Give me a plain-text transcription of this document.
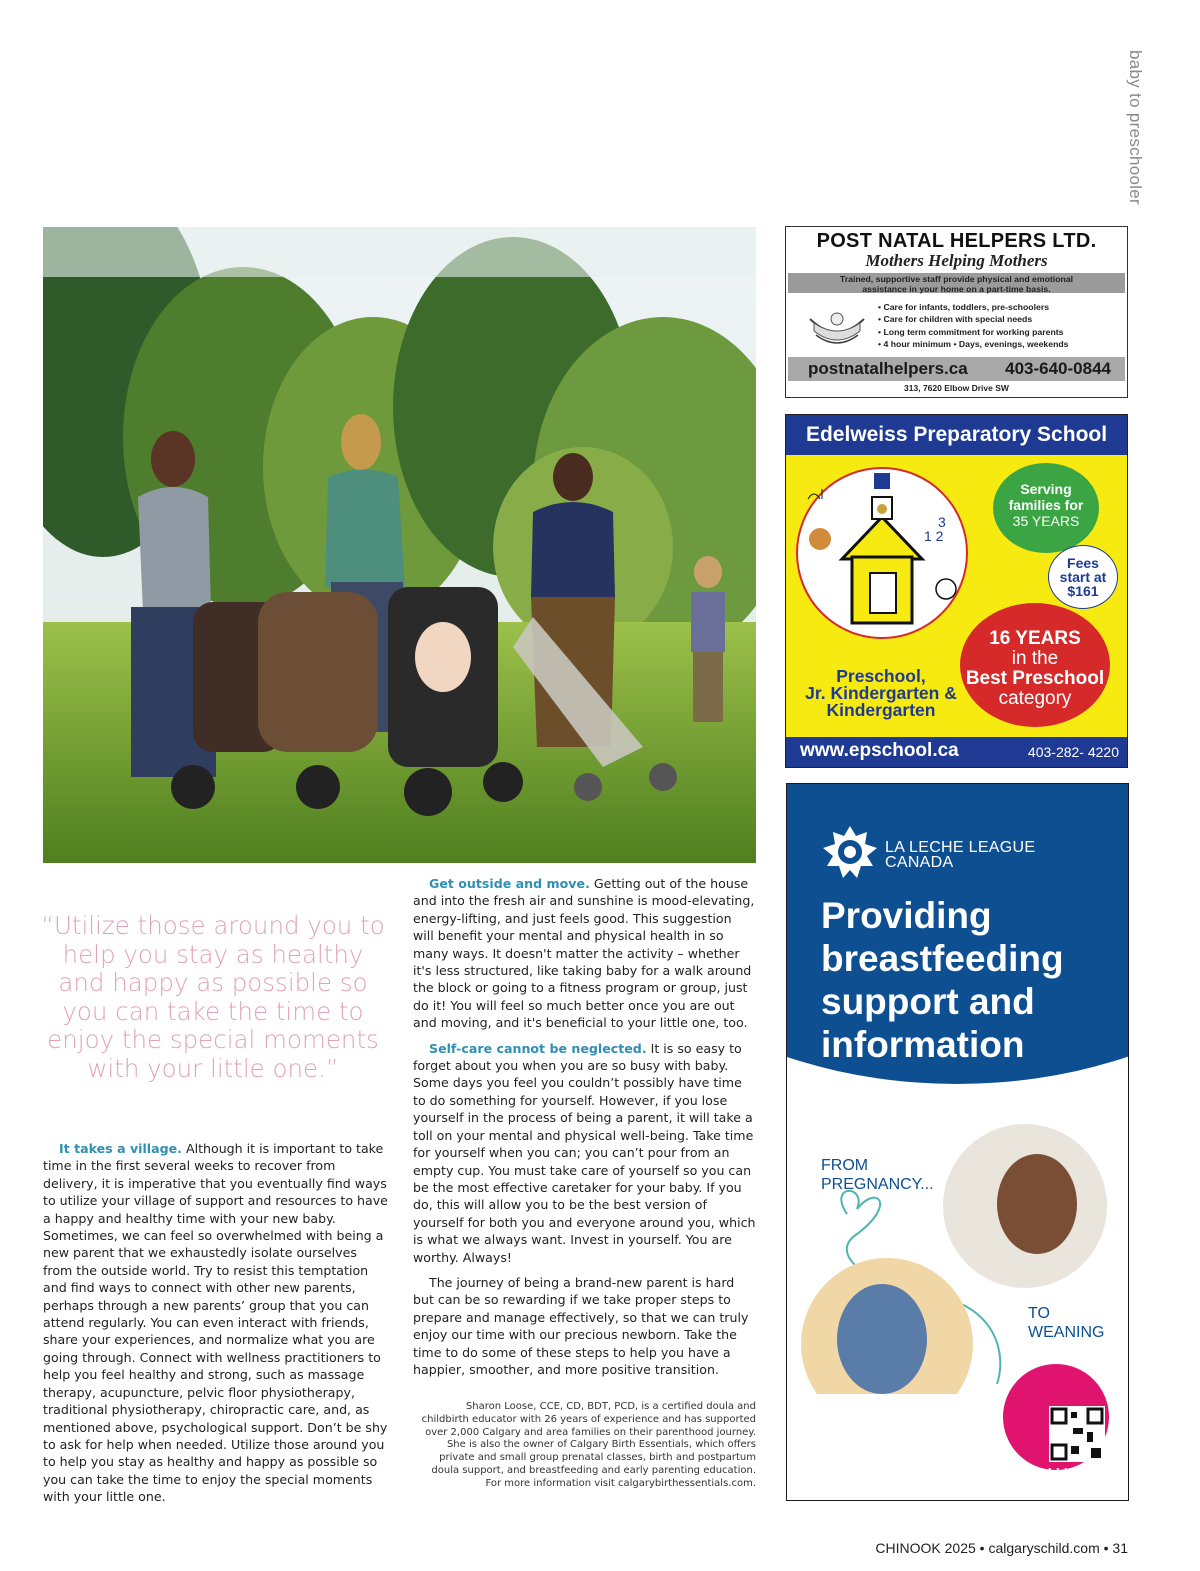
baby to preschooler
“Utilize those around you to help you stay as healthy and happy as possible so you can take the time to enjoy the special moments with your little one.”

It takes a village. Although it is important to take time in the first several weeks to recover from delivery, it is imperative that you eventually find ways to utilize your village of support and resources to have a happy and healthy time with your new baby. Sometimes, we can feel so overwhelmed with being a new parent that we exhaustedly isolate ourselves from the outside world. Try to resist this temptation and find ways to connect with other new parents, perhaps through a new parents’ group that you can attend regularly. You can even interact with friends, share your experiences, and normalize what you are going through. Connect with wellness practitioners to help you feel healthy and strong, such as massage therapy, acupuncture, pelvic floor physiotherapy, traditional physiotherapy, chiropractic care, and, as mentioned above, psychological support. Don’t be shy to ask for help when needed. Utilize those around you to help you stay as healthy and happy as possible so you can take the time to enjoy the special moments with your little one.

Get outside and move. Getting out of the house and into the fresh air and sunshine is mood-elevating, energy-lifting, and just feels good. This suggestion will benefit your mental and physical health in so many ways. It doesn't matter the activity – whether it's less structured, like taking baby for a walk around the block or going to a fitness program or group, just do it! You will feel so much better once you are out and moving, and it's beneficial to your little one, too.

Self-care cannot be neglected. It is so easy to forget about you when you are so busy with baby. Some days you feel you couldn’t possibly have time to do something for yourself. However, if you lose yourself in the process of being a parent, it will take a toll on your mental and physical well-being. Take time for yourself when you can; you can’t pour from an empty cup. You must take care of yourself so you can be the most effective caretaker for your baby. If you do, this will allow you to be the best version of yourself for both you and everyone around you, which is what we always want. Invest in yourself. You are worthy. Always!

The journey of being a brand-new parent is hard but can be so rewarding if we take proper steps to prepare and manage effectively, so that we can truly enjoy our time with our precious newborn. Take the time to do some of these steps to help you have a happier, smoother, and more positive transition.

Sharon Loose, CCE, CD, BDT, PCD, is a certified doula and childbirth educator with 26 years of experience and has supported over 2,000 Calgary and area families on their parenthood journey. She is also the owner of Calgary Birth Essentials, which offers private and small group prenatal classes, birth and postpartum doula support, and breastfeeding and early parenting education. For more information visit calgarybirthessentials.com.
CHINOOK 2025 • calgaryschild.com • 31
POST NATAL HELPERS LTD.
Mothers Helping Mothers
Trained, supportive staff provide physical and emotional
assistance in your home on a part-time basis.
• Care for infants, toddlers, pre-schoolers
• Care for children with special needs
• Long term commitment for working parents
• 4 hour minimum • Days, evenings, weekends
postnatalhelpers.ca 403-640-0844
313, 7620 Elbow Drive SW
Edelweiss Preparatory School
3
1 2
Serving
families for
35 YEARS
Fees
start at
$161
16 YEARS
in the
Best Preschool
category
Preschool,
Jr. Kindergarten &
Kindergarten
www.epschool.ca	403-282- 4220
LA LECHE LEAGUE
CANADA
Providing breastfeeding support and information
FROM
PREGNANCY...
TO
WEANING
LLLC.ca
